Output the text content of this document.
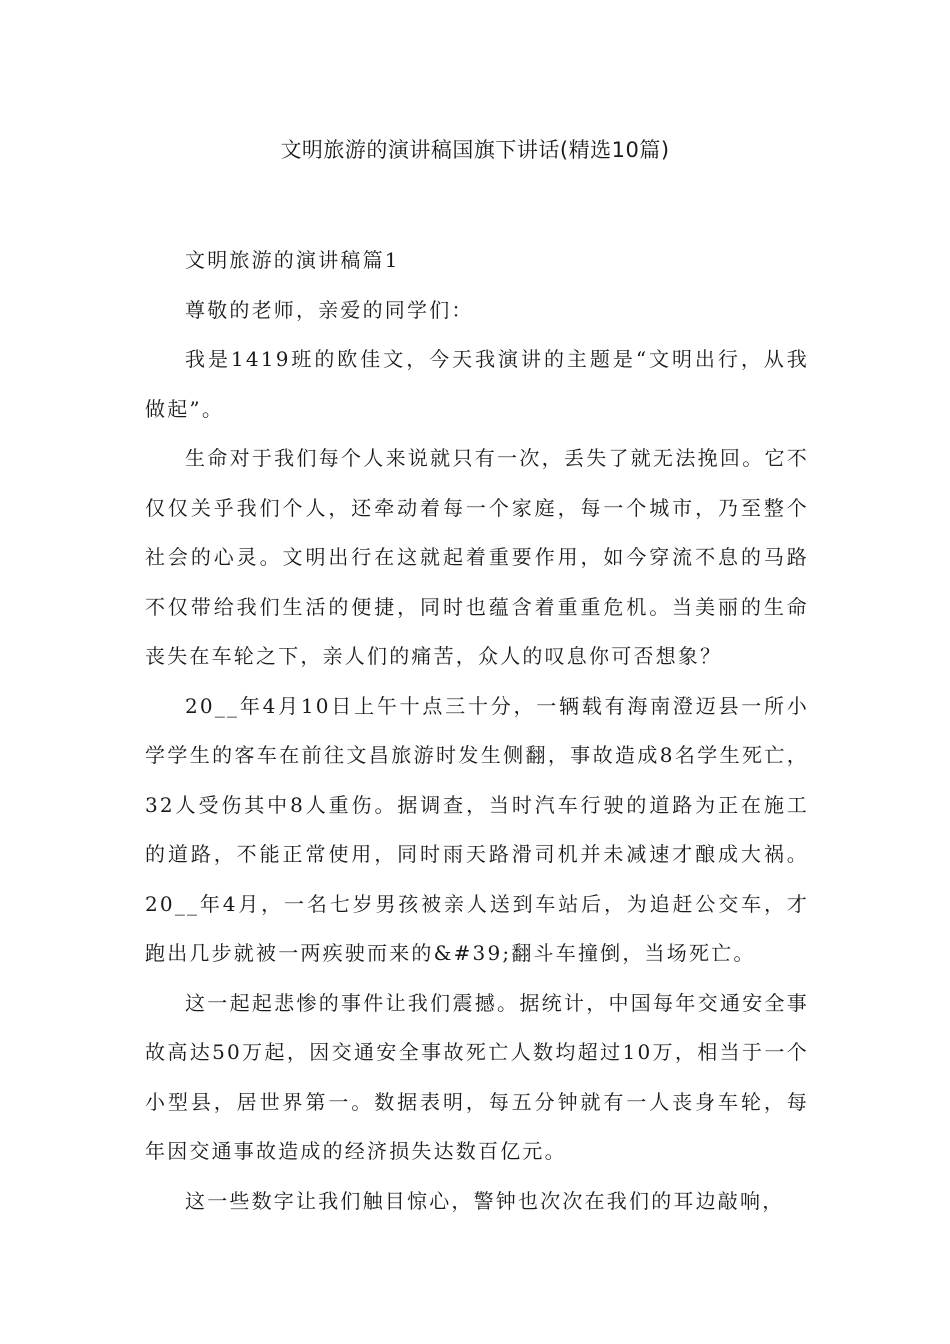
文明旅游的演讲稿国旗下讲话(精选10篇)

文明旅游的演讲稿篇1

尊敬的老师，亲爱的同学们：

我是1419班的欧佳文，今天我演讲的主题是“文明出行，从我做起”。

生命对于我们每个人来说就只有一次，丢失了就无法挽回。它不仅仅关乎我们个人，还牵动着每一个家庭，每一个城市，乃至整个社会的心灵。文明出行在这就起着重要作用，如今穿流不息的马路不仅带给我们生活的便捷，同时也蕴含着重重危机。当美丽的生命丧失在车轮之下，亲人们的痛苦，众人的叹息你可否想象？

20__年4月10日上午十点三十分，一辆载有海南澄迈县一所小学学生的客车在前往文昌旅游时发生侧翻，事故造成8名学生死亡，32人受伤其中8人重伤。据调查，当时汽车行驶的道路为正在施工的道路，不能正常使用，同时雨天路滑司机并未减速才酿成大祸。 20__年4月，一名七岁男孩被亲人送到车站后，为追赶公交车，才跑出几步就被一两疾驶而来的&#39;翻斗车撞倒，当场死亡。

这一起起悲惨的事件让我们震撼。据统计，中国每年交通安全事故高达50万起，因交通安全事故死亡人数均超过10万，相当于一个小型县，居世界第一。数据表明，每五分钟就有一人丧身车轮，每年因交通事故造成的经济损失达数百亿元。

这一些数字让我们触目惊心，警钟也次次在我们的耳边敲响，
